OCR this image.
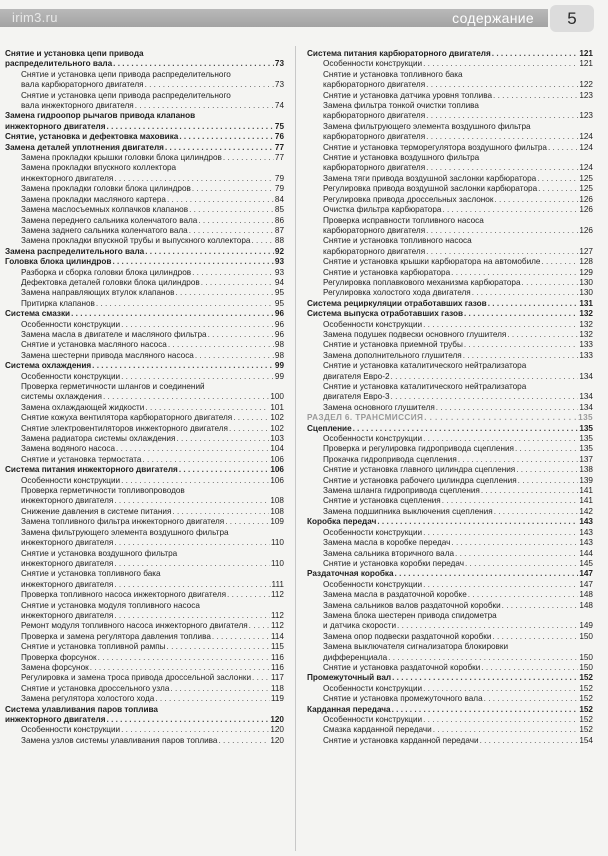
irim3.ru	содержание	5
Снятие и установка цепи привода
распределительного вала . . .	73
Снятие и установка цепи привода распределительного
вала карбюраторного двигателя . . .	73
Снятие и установка цепи привода распределительного
вала инжекторного двигателя . . .	74
Замена гидроопор рычагов привода клапанов
инжекторного двигателя . . .	75
Снятие, установка и дефектовка маховика . . .	76
Замена деталей уплотнения двигателя . . .	77
Замена прокладки крышки головки блока цилиндров . . .	77
Замена прокладки впускного коллектора
инжекторного двигателя . . .	79
Замена прокладки головки блока цилиндров . . .	79
Замена прокладки масляного картера . . .	84
Замена маслосъемных колпачков клапанов . . .	85
Замена переднего сальника коленчатого вала . . .	86
Замена заднего сальника коленчатого вала . . .	87
Замена прокладки впускной трубы и выпускного коллектора . . .	88
Замена распределительного вала . . .	92
Головка блока цилиндров . . .	93
Разборка и сборка головки блока цилиндров . . .	93
Дефектовка деталей головки блока цилиндров . . .	94
Замена направляющих втулок клапанов . . .	95
Притирка клапанов . . .	95
Система смазки . . .	96
Особенности конструкции . . .	96
Замена масла в двигателе и масляного фильтра . . .	96
Снятие и установка масляного насоса . . .	98
Замена шестерни привода масляного насоса . . .	98
Система охлаждения . . .	99
Особенности конструкции . . .	99
Проверка герметичности шлангов и соединений
системы охлаждения . . .	100
Замена охлаждающей жидкости . . .	101
Снятие кожуха вентилятора карбюраторного двигателя . . .	102
Снятие электровентиляторов инжекторного двигателя . . .	102
Замена радиатора системы охлаждения . . .	103
Замена водяного насоса . . .	104
Снятие и установка термостата . . .	106
Система питания инжекторного двигателя . . .	106
Особенности конструкции . . .	106
Проверка герметичности топливопроводов
инжекторного двигателя . . .	108
Снижение давления в системе питания . . .	108
Замена топливного фильтра инжекторного двигателя . . .	109
Замена фильтрующего элемента воздушного фильтра
инжекторного двигателя . . .	110
Снятие и установка воздушного фильтра
инжекторного двигателя . . .	110
Снятие и установка топливного бака
инжекторного двигателя . . .	111
Проверка топливного насоса инжекторного двигателя . . .	112
Снятие и установка модуля топливного насоса
инжекторного двигателя . . .	112
Ремонт модуля топливного насоса инжекторного двигателя . . .	112
Проверка и замена регулятора давления топлива . . .	114
Снятие и установка топливной рампы . . .	115
Проверка форсунок . . .	116
Замена форсунок . . .	116
Регулировка и замена троса привода дроссельной заслонки . . . 117
Снятие и установка дроссельного узла . . .	118
Замена регулятора холостого хода . . .	119
Система улавливания паров топлива
инжекторного двигателя . . .	120
Особенности конструкции . . .	120
Замена узлов системы улавливания паров топлива . . .	120
Система питания карбюраторного двигателя . . .	121
Особенности конструкции . . .	121
Снятие и установка топливного бака
карбюраторного двигателя . . .	122
Снятие и установка датчика уровня топлива . . .	123
Замена фильтра тонкой очистки топлива
карбюраторного двигателя . . .	123
Замена фильтрующего элемента воздушного фильтра
карбюраторного двигателя . . .	124
Снятие и установка терморегулятора воздушного фильтра . . .	124
Снятие и установка воздушного фильтра
карбюраторного двигателя . . .	124
Замена тяги привода воздушной заслонки карбюратора . . .	125
Регулировка привода воздушной заслонки карбюратора . . .	125
Регулировка привода дроссельных заслонок . . .	126
Очистка фильтра карбюратора . . .	126
Проверка исправности топливного насоса
карбюраторного двигателя . . .	126
Снятие и установка топливного насоса
карбюраторного двигателя . . .	127
Снятие и установка крышки карбюратора на автомобиле . . .	128
Снятие и установка карбюратора . . .	129
Регулировка поплавкового механизма карбюратора . . .	130
Регулировка холостого хода двигателя . . .	130
Система рециркуляции отработавших газов . . .	131
Система выпуска отработавших газов . . .	132
Особенности конструкции . . .	132
Замена подушек подвески основного глушителя . . .	132
Снятие и установка приемной трубы . . .	133
Замена дополнительного глушителя . . .	133
Снятие и установка каталитического нейтрализатора
двигателя Евро-2 . . .	134
Снятие и установка каталитического нейтрализатора
двигателя Евро-3 . . .	134
Замена основного глушителя . . .	134
РАЗДЕЛ 6. ТРАНСМИССИЯ . . .	135
Сцепление . . .	135
Особенности конструкции . . .	135
Проверка и регулировка гидропривода сцепления . . .	135
Прокачка гидропривода сцепления . . .	137
Снятие и установка главного цилиндра сцепления . . .	138
Снятие и установка рабочего цилиндра сцепления . . .	139
Замена шланга гидропривода сцепления . . .	141
Снятие и установка сцепления . . .	141
Замена подшипника выключения сцепления . . .	142
Коробка передач . . .	143
Особенности конструкции . . .	143
Замена масла в коробке передач . . .	143
Замена сальника вторичного вала . . .	144
Снятие и установка коробки передач . . .	145
Раздаточная коробка . . .	147
Особенности конструкции . . .	147
Замена масла в раздаточной коробке . . .	148
Замена сальников валов раздаточной коробки . . .	148
Замена блока шестерен привода спидометра
и датчика скорости . . .	149
Замена опор подвески раздаточной коробки . . .	150
Замена выключателя сигнализатора блокировки
дифференциала . . .	150
Снятие и установка раздаточной коробки . . .	150
Промежуточный вал . . .	152
Особенности конструкции . . .	152
Снятие и установка промежуточного вала . . .	152
Карданная передача . . .	152
Особенности конструкции . . .	152
Смазка карданной передачи . . .	152
Снятие и установка карданной передачи . . .	154
